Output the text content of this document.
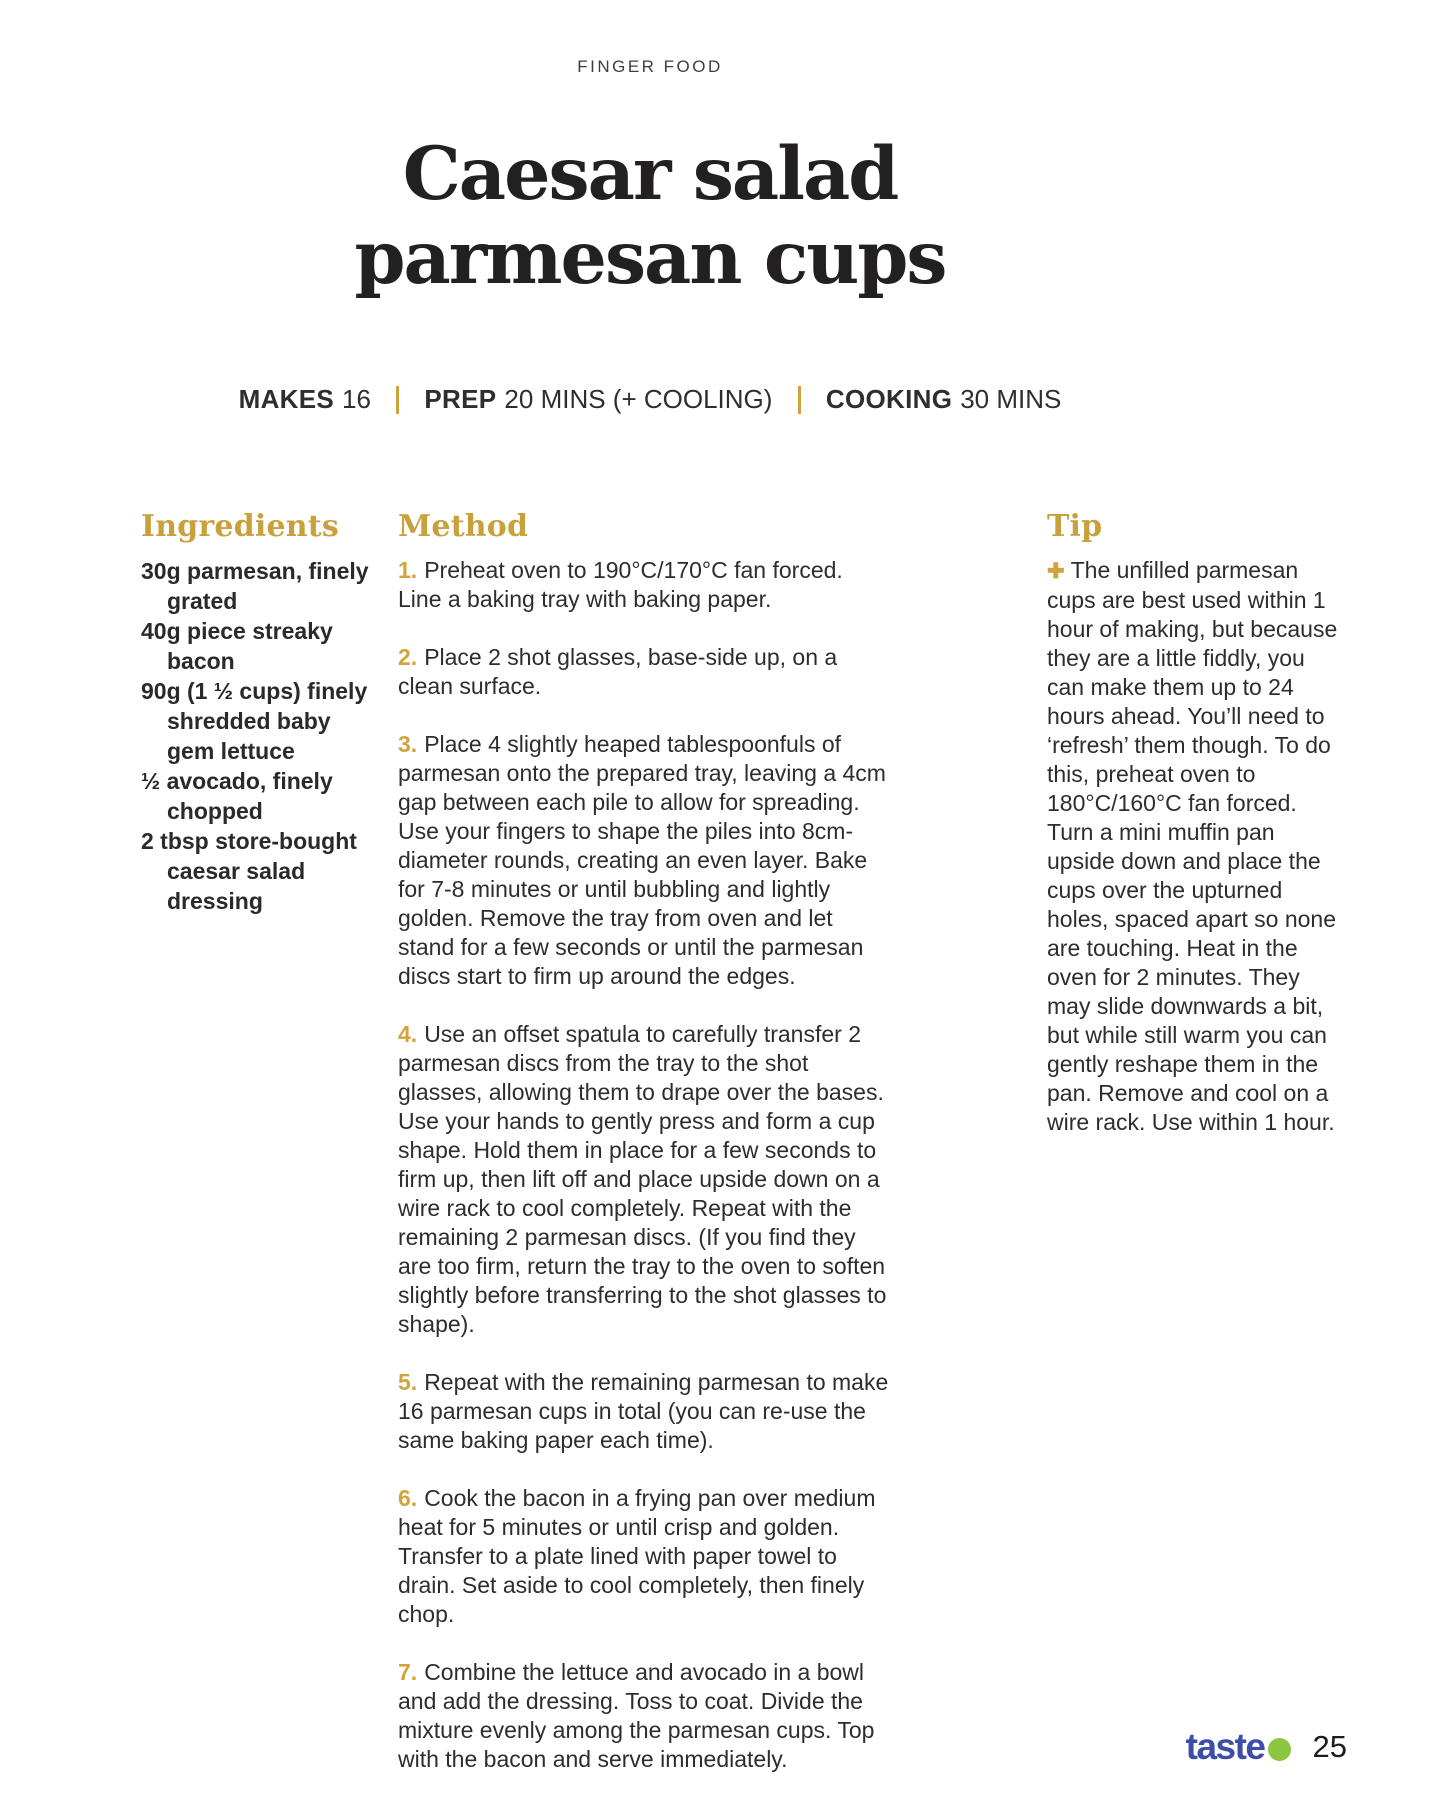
FINGER FOOD
Caesar salad
parmesan cups
MAKES 16 PREP 20 MINS (+ COOLING) COOKING 30 MINS
Ingredients
30g parmesan, finely grated
40g piece streaky bacon
90g (1 ½ cups) finely shredded baby gem lettuce
½ avocado, finely chopped
2 tbsp store-bought caesar salad dressing
Method

1. Preheat oven to 190°C/170°C fan forced. Line a baking tray with baking paper.

2. Place 2 shot glasses, base-side up, on a clean surface.

3. Place 4 slightly heaped tablespoonfuls of parmesan onto the prepared tray, leaving a 4cm gap between each pile to allow for spreading. Use your fingers to shape the piles into 8cm-diameter rounds, creating an even layer. Bake for 7-8 minutes or until bubbling and lightly golden. Remove the tray from oven and let stand for a few seconds or until the parmesan discs start to firm up around the edges.

4. Use an offset spatula to carefully transfer 2 parmesan discs from the tray to the shot glasses, allowing them to drape over the bases. Use your hands to gently press and form a cup shape. Hold them in place for a few seconds to firm up, then lift off and place upside down on a wire rack to cool completely. Repeat with the remaining 2 parmesan discs. (If you find they are too firm, return the tray to the oven to soften slightly before transferring to the shot glasses to shape).

5. Repeat with the remaining parmesan to make 16 parmesan cups in total (you can re-use the same baking paper each time).

6. Cook the bacon in a frying pan over medium heat for 5 minutes or until crisp and golden. Transfer to a plate lined with paper towel to drain. Set aside to cool completely, then finely chop.

7. Combine the lettuce and avocado in a bowl and add the dressing. Toss to coat. Divide the mixture evenly among the parmesan cups. Top with the bacon and serve immediately.

Tip

✚ The unfilled parmesan cups are best used within 1 hour of making, but because they are a little fiddly, you can make them up to 24 hours ahead. You’ll need to ‘refresh’ them though. To do this, preheat oven to 180°C/160°C fan forced. Turn a mini muffin pan upside down and place the cups over the upturned holes, spaced apart so none are touching. Heat in the oven for 2 minutes. They may slide downwards a bit, but while still warm you can gently reshape them in the pan. Remove and cool on a wire rack. Use within 1 hour.

taste 25
